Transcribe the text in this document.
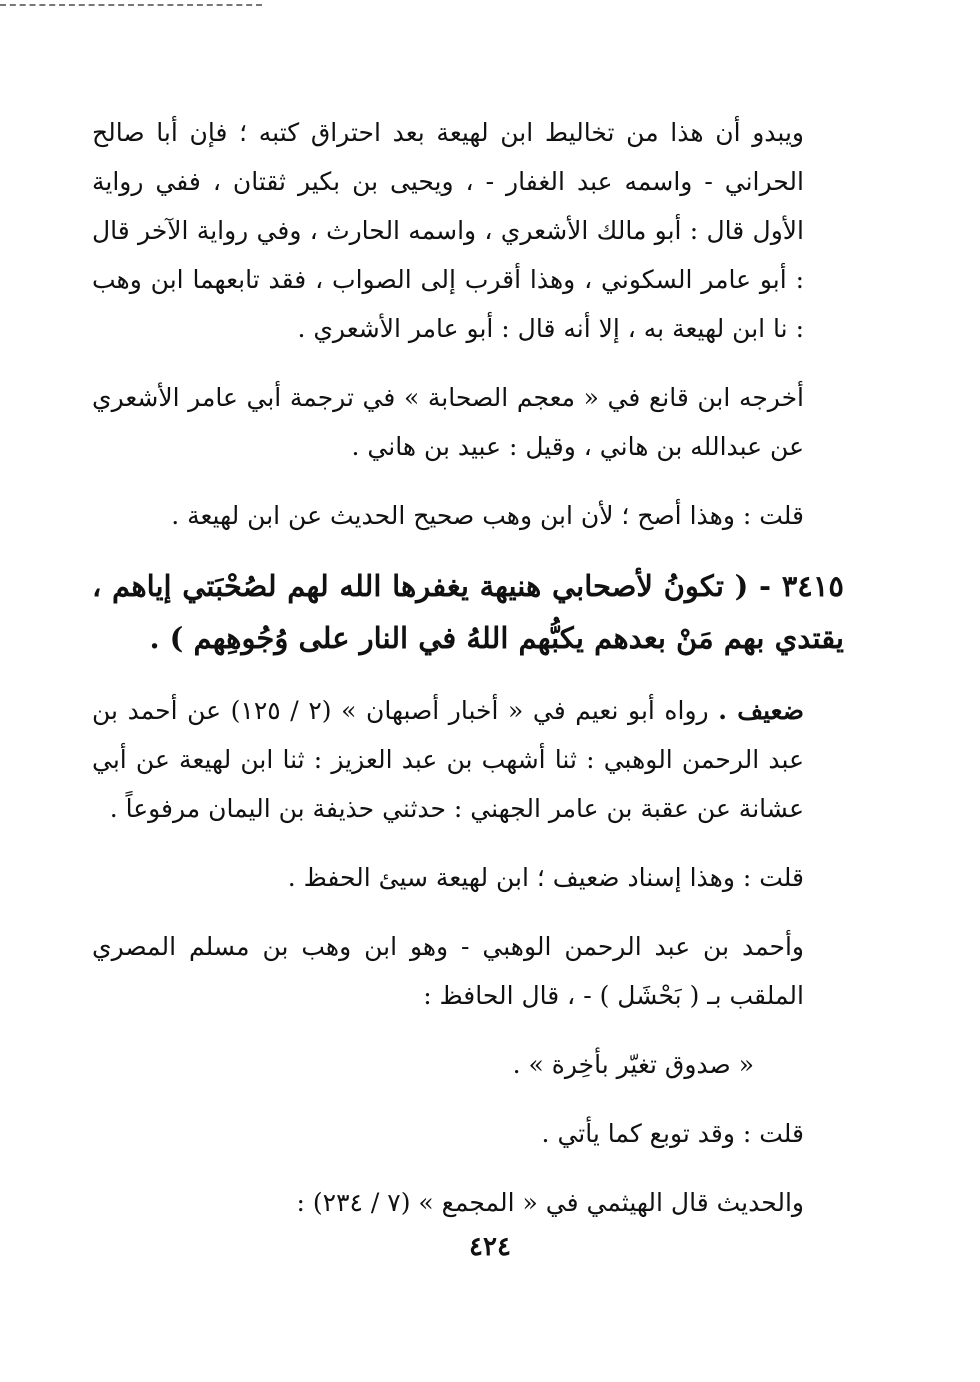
ويبدو أن هذا من تخاليط ابن لهيعة بعد احتراق كتبه ؛ فإن أبا صالح الحراني - واسمه عبد الغفار - ، ويحيى بن بكير ثقتان ، ففي رواية الأول قال : أبو مالك الأشعري ، واسمه الحارث ، وفي رواية الآخر قال : أبو عامر السكوني ، وهذا أقرب إلى الصواب ، فقد تابعهما ابن وهب : نا ابن لهيعة به ، إلا أنه قال : أبو عامر الأشعري .

أخرجه ابن قانع في « معجم الصحابة » في ترجمة أبي عامر الأشعري عن عبدالله بن هاني ، وقيل : عبيد بن هاني .

قلت : وهذا أصح ؛ لأن ابن وهب صحيح الحديث عن ابن لهيعة .

٣٤١٥ - ( تكونُ لأصحابي هنيهة يغفرها الله لهم لصُحْبَتي إياهم ، يقتدي بهم مَنْ بعدهم يكبُّهم اللهُ في النار على وُجُوهِهم ) .

ضعيف . رواه أبو نعيم في « أخبار أصبهان » (٢ / ١٢٥) عن أحمد بن عبد الرحمن الوهبي : ثنا أشهب بن عبد العزيز : ثنا ابن لهيعة عن أبي عشانة عن عقبة بن عامر الجهني : حدثني حذيفة بن اليمان مرفوعاً .

قلت : وهذا إسناد ضعيف ؛ ابن لهيعة سيئ الحفظ .

وأحمد بن عبد الرحمن الوهبي - وهو ابن وهب بن مسلم المصري الملقب بـ ( بَحْشَل ) - ، قال الحافظ :

« صدوق تغيّر بأخِرة » .

قلت : وقد توبع كما يأتي .

والحديث قال الهيثمي في « المجمع » (٧ / ٢٣٤) :

٤٢٤
